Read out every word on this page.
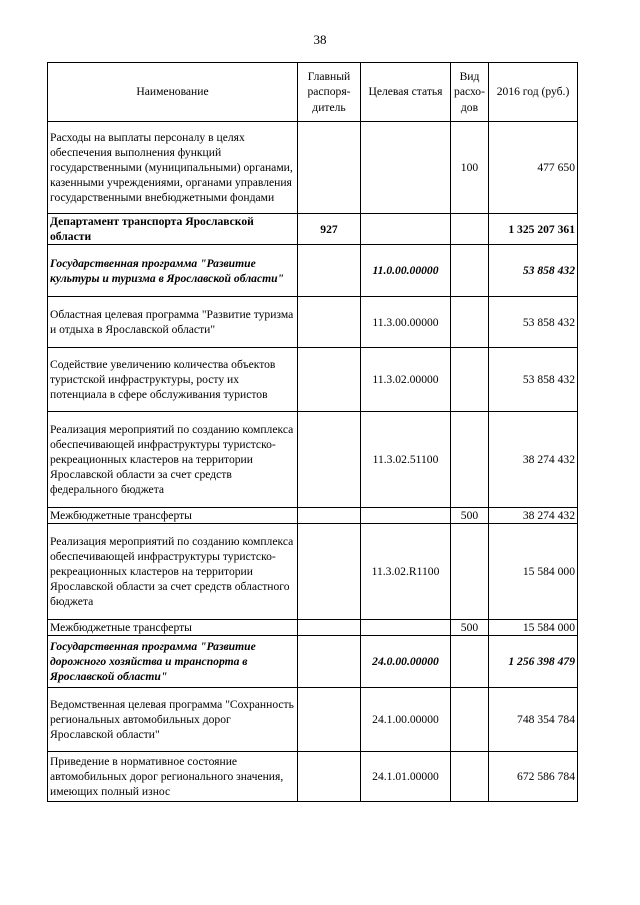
38
Наименование	Главный распоря-дитель	Целевая статья	Вид расхо-дов	2016 год (руб.)
Расходы на выплаты персоналу в целях обеспечения выполнения функций государственными (муниципальными) органами, казенными учреждениями, органами управления государственными внебюджетными фондами			100	477 650
Департамент транспорта Ярославской области	927			1 325 207 361
Государственная программа "Развитие культуры и туризма в Ярославской области"		11.0.00.00000		53 858 432
Областная целевая программа "Развитие туризма и отдыха в Ярославской области"		11.3.00.00000		53 858 432
Содействие увеличению количества объектов туристской инфраструктуры, росту их потенциала в сфере обслуживания туристов		11.3.02.00000		53 858 432
Реализация мероприятий по созданию комплекса обеспечивающей инфраструктуры туристско-рекреационных кластеров на территории Ярославской области за счет средств федерального бюджета		11.3.02.51100		38 274 432
Межбюджетные трансферты			500	38 274 432
Реализация мероприятий по созданию комплекса обеспечивающей инфраструктуры туристско-рекреационных кластеров на территории Ярославской области за счет средств областного бюджета		11.3.02.R1100		15 584 000
Межбюджетные трансферты			500	15 584 000
Государственная программа "Развитие дорожного хозяйства и транспорта в Ярославской области"		24.0.00.00000		1 256 398 479
Ведомственная целевая программа "Сохранность региональных автомобильных дорог Ярославской области"		24.1.00.00000		748 354 784
Приведение в нормативное состояние автомобильных дорог регионального значения, имеющих полный износ		24.1.01.00000		672 586 784
